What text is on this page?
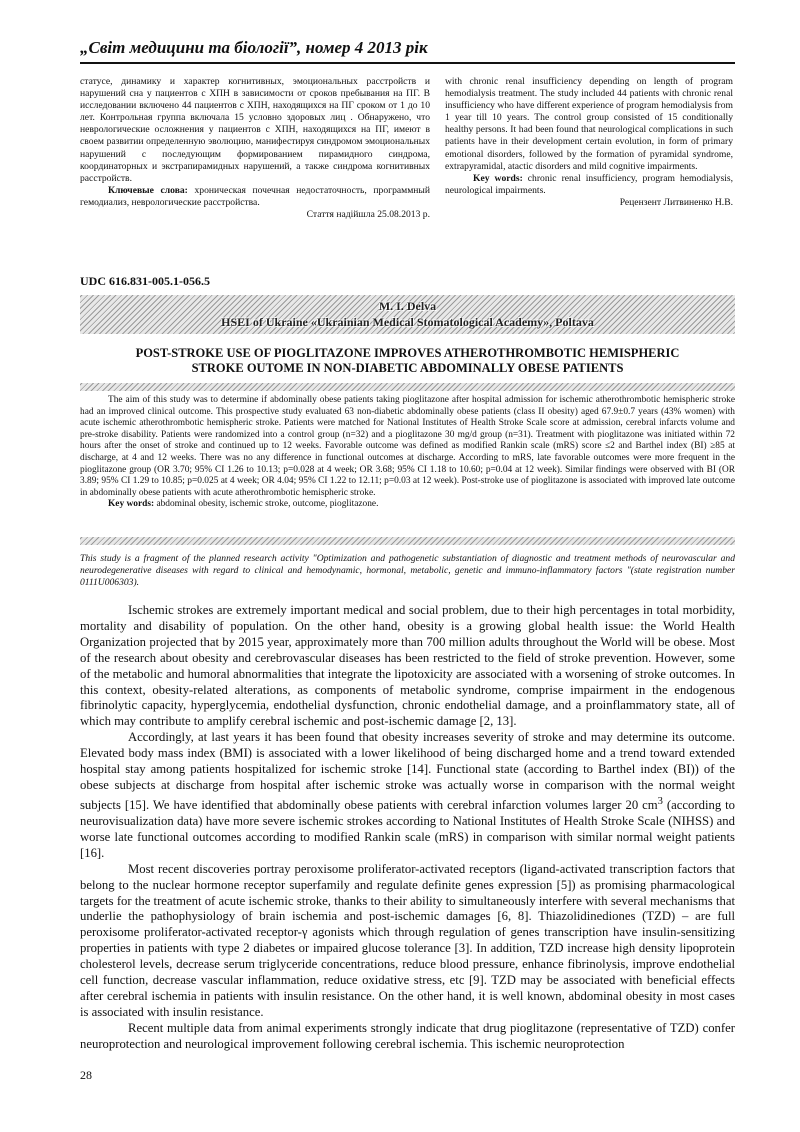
„Світ медицини та біології”, номер 4 2013 рік

статусе, динамику и характер когнитивных, эмоциональных расстройств и нарушений сна у пациентов с ХПН в зависимости от сроков пребывания на ПГ. В исследовании включено 44 пациентов с ХПН, находящихся на ПГ сроком от 1 до 10 лет. Контрольная группа включала 15 условно здоровых лиц . Обнаружено, что неврологические осложнения у пациентов с ХПН, находящихся на ПГ, имеют в своем развитии определенную эволюцию, манифестируя синдромом эмоциональных нарушений с последующим формированием пирамидного синдрома, координаторных и экстрапирамидных нарушений, а также синдрома когнитивных расстройств.

Ключевые слова: хроническая почечная недостаточность, программный гемодиализ, неврологические расстройства.

Стаття надійшла 25.08.2013 р.

with chronic renal insufficiency depending on length of program hemodialysis treatment. The study included 44 patients with chronic renal insufficiency who have different experience of program hemodialysis from 1 year till 10 years. The control group consisted of 15 conditionally healthy persons. It had been found that neurological complications in such patients have in their development certain evolution, in form of primary emotional disorders, followed by the formation of pyramidal syndrome, extrapyramidal, atactic disorders and mild cognitive impairments.

Key words: chronic renal insufficiency, program hemodialysis, neurological impairments.

Рецензент Литвиненко Н.В.

UDC 616.831-005.1-056.5
M. I. Delva
HSEI of Ukraine «Ukrainian Medical Stomatological Academy», Poltava
POST-STROKE USE OF PIOGLITAZONE IMPROVES ATHEROTHROMBOTIC HEMISPHERIC
STROKE OUTOME IN NON-DIABETIC ABDOMINALLY OBESE PATIENTS

The aim of this study was to determine if abdominally obese patients taking pioglitazone after hospital admission for ischemic atherothrombotic hemispheric stroke had an improved clinical outcome. This prospective study evaluated 63 non-diabetic abdominally obese patients (class II obesity) aged 67.9±0.7 years (43% women) with acute ischemic atherothrombotic hemispheric stroke. Patients were matched for National Institutes of Health Stroke Scale score at admission, cerebral infarcts volume and pre-stroke disability. Patients were randomized into a control group (n=32) and a pioglitazone 30 mg/d group (n=31). Treatment with pioglitazone was initiated within 72 hours after the onset of stroke and continued up to 12 weeks. Favorable outcome was defined as modified Rankin scale (mRS) score ≤2 and Barthel index (BI) ≥85 at discharge, at 4 and 12 weeks. There was no any difference in functional outcomes at discharge. According to mRS, late favorable outcomes were more frequent in the pioglitazone group (OR 3.70; 95% CI 1.26 to 10.13; p=0.028 at 4 week; OR 3.68; 95% CI 1.18 to 10.60; p=0.04 at 12 week). Similar findings were observed with BI (OR 3.89; 95% CI 1.29 to 10.85; p=0.025 at 4 week; OR 4.04; 95% CI 1.22 to 12.11; p=0.03 at 12 week). Post-stroke use of pioglitazone is associated with improved late outcome in abdominally obese patients with acute atherothrombotic hemispheric stroke.

Key words: abdominal obesity, ischemic stroke, outcome, pioglitazone.

This study is a fragment of the planned research activity "Optimization and pathogenetic substantiation of diagnostic and treatment methods of neurovascular and neurodegenerative diseases with regard to clinical and hemodynamic, hormonal, metabolic, genetic and immuno-inflammatory factors "(state registration number 0111U006303).

Ischemic strokes are extremely important medical and social problem, due to their high percentages in total morbidity, mortality and disability of population. On the other hand, obesity is a growing global health issue: the World Health Organization projected that by 2015 year, approximately more than 700 million adults throughout the World will be obese. Most of the research about obesity and cerebrovascular diseases has been restricted to the field of stroke prevention. However, some of the metabolic and humoral abnormalities that integrate the lipotoxicity are associated with a worsening of stroke outcomes. In this context, obesity-related alterations, as components of metabolic syndrome, comprise impairment in the endogenous fibrinolytic capacity, hyperglycemia, endothelial dysfunction, chronic endothelial damage, and a proinflammatory state, all of which may contribute to amplify cerebral ischemic and post-ischemic damage [2, 13].

Accordingly, at last years it has been found that obesity increases severity of stroke and may determine its outcome. Elevated body mass index (BMI) is associated with a lower likelihood of being discharged home and a trend toward extended hospital stay among patients hospitalized for ischemic stroke [14]. Functional state (according to Barthel index (BI)) of the obese subjects at discharge from hospital after ischemic stroke was actually worse in comparison with the normal weight subjects [15]. We have identified that abdominally obese patients with cerebral infarction volumes larger 20 $cm^3$ (according to neurovisualization data) have more severe ischemic strokes according to National Institutes of Health Stroke Scale (NIHSS) and worse late functional outcomes according to modified Rankin scale (mRS) in comparison with similar normal weight patients [16].

Most recent discoveries portray peroxisome proliferator-activated receptors (ligand-activated transcription factors that belong to the nuclear hormone receptor superfamily and regulate definite genes expression [5]) as promising pharmacological targets for the treatment of acute ischemic stroke, thanks to their ability to simultaneously interfere with several mechanisms that underlie the pathophysiology of brain ischemia and post-ischemic damages [6, 8]. Thiazolidinediones (TZD) – are full peroxisome proliferator-activated receptor-γ agonists which through regulation of genes transcription have insulin-sensitizing properties in patients with type 2 diabetes or impaired glucose tolerance [3]. In addition, TZD increase high density lipoprotein cholesterol levels, decrease serum triglyceride concentrations, reduce blood pressure, enhance fibrinolysis, improve endothelial cell function, decrease vascular inflammation, reduce oxidative stress, etc [9]. TZD may be associated with beneficial effects after cerebral ischemia in patients with insulin resistance. On the other hand, it is well known, abdominal obesity in most cases is associated with insulin resistance.

Recent multiple data from animal experiments strongly indicate that drug pioglitazone (representative of TZD) confer neuroprotection and neurological improvement following cerebral ischemia. This ischemic neuroprotection

28
